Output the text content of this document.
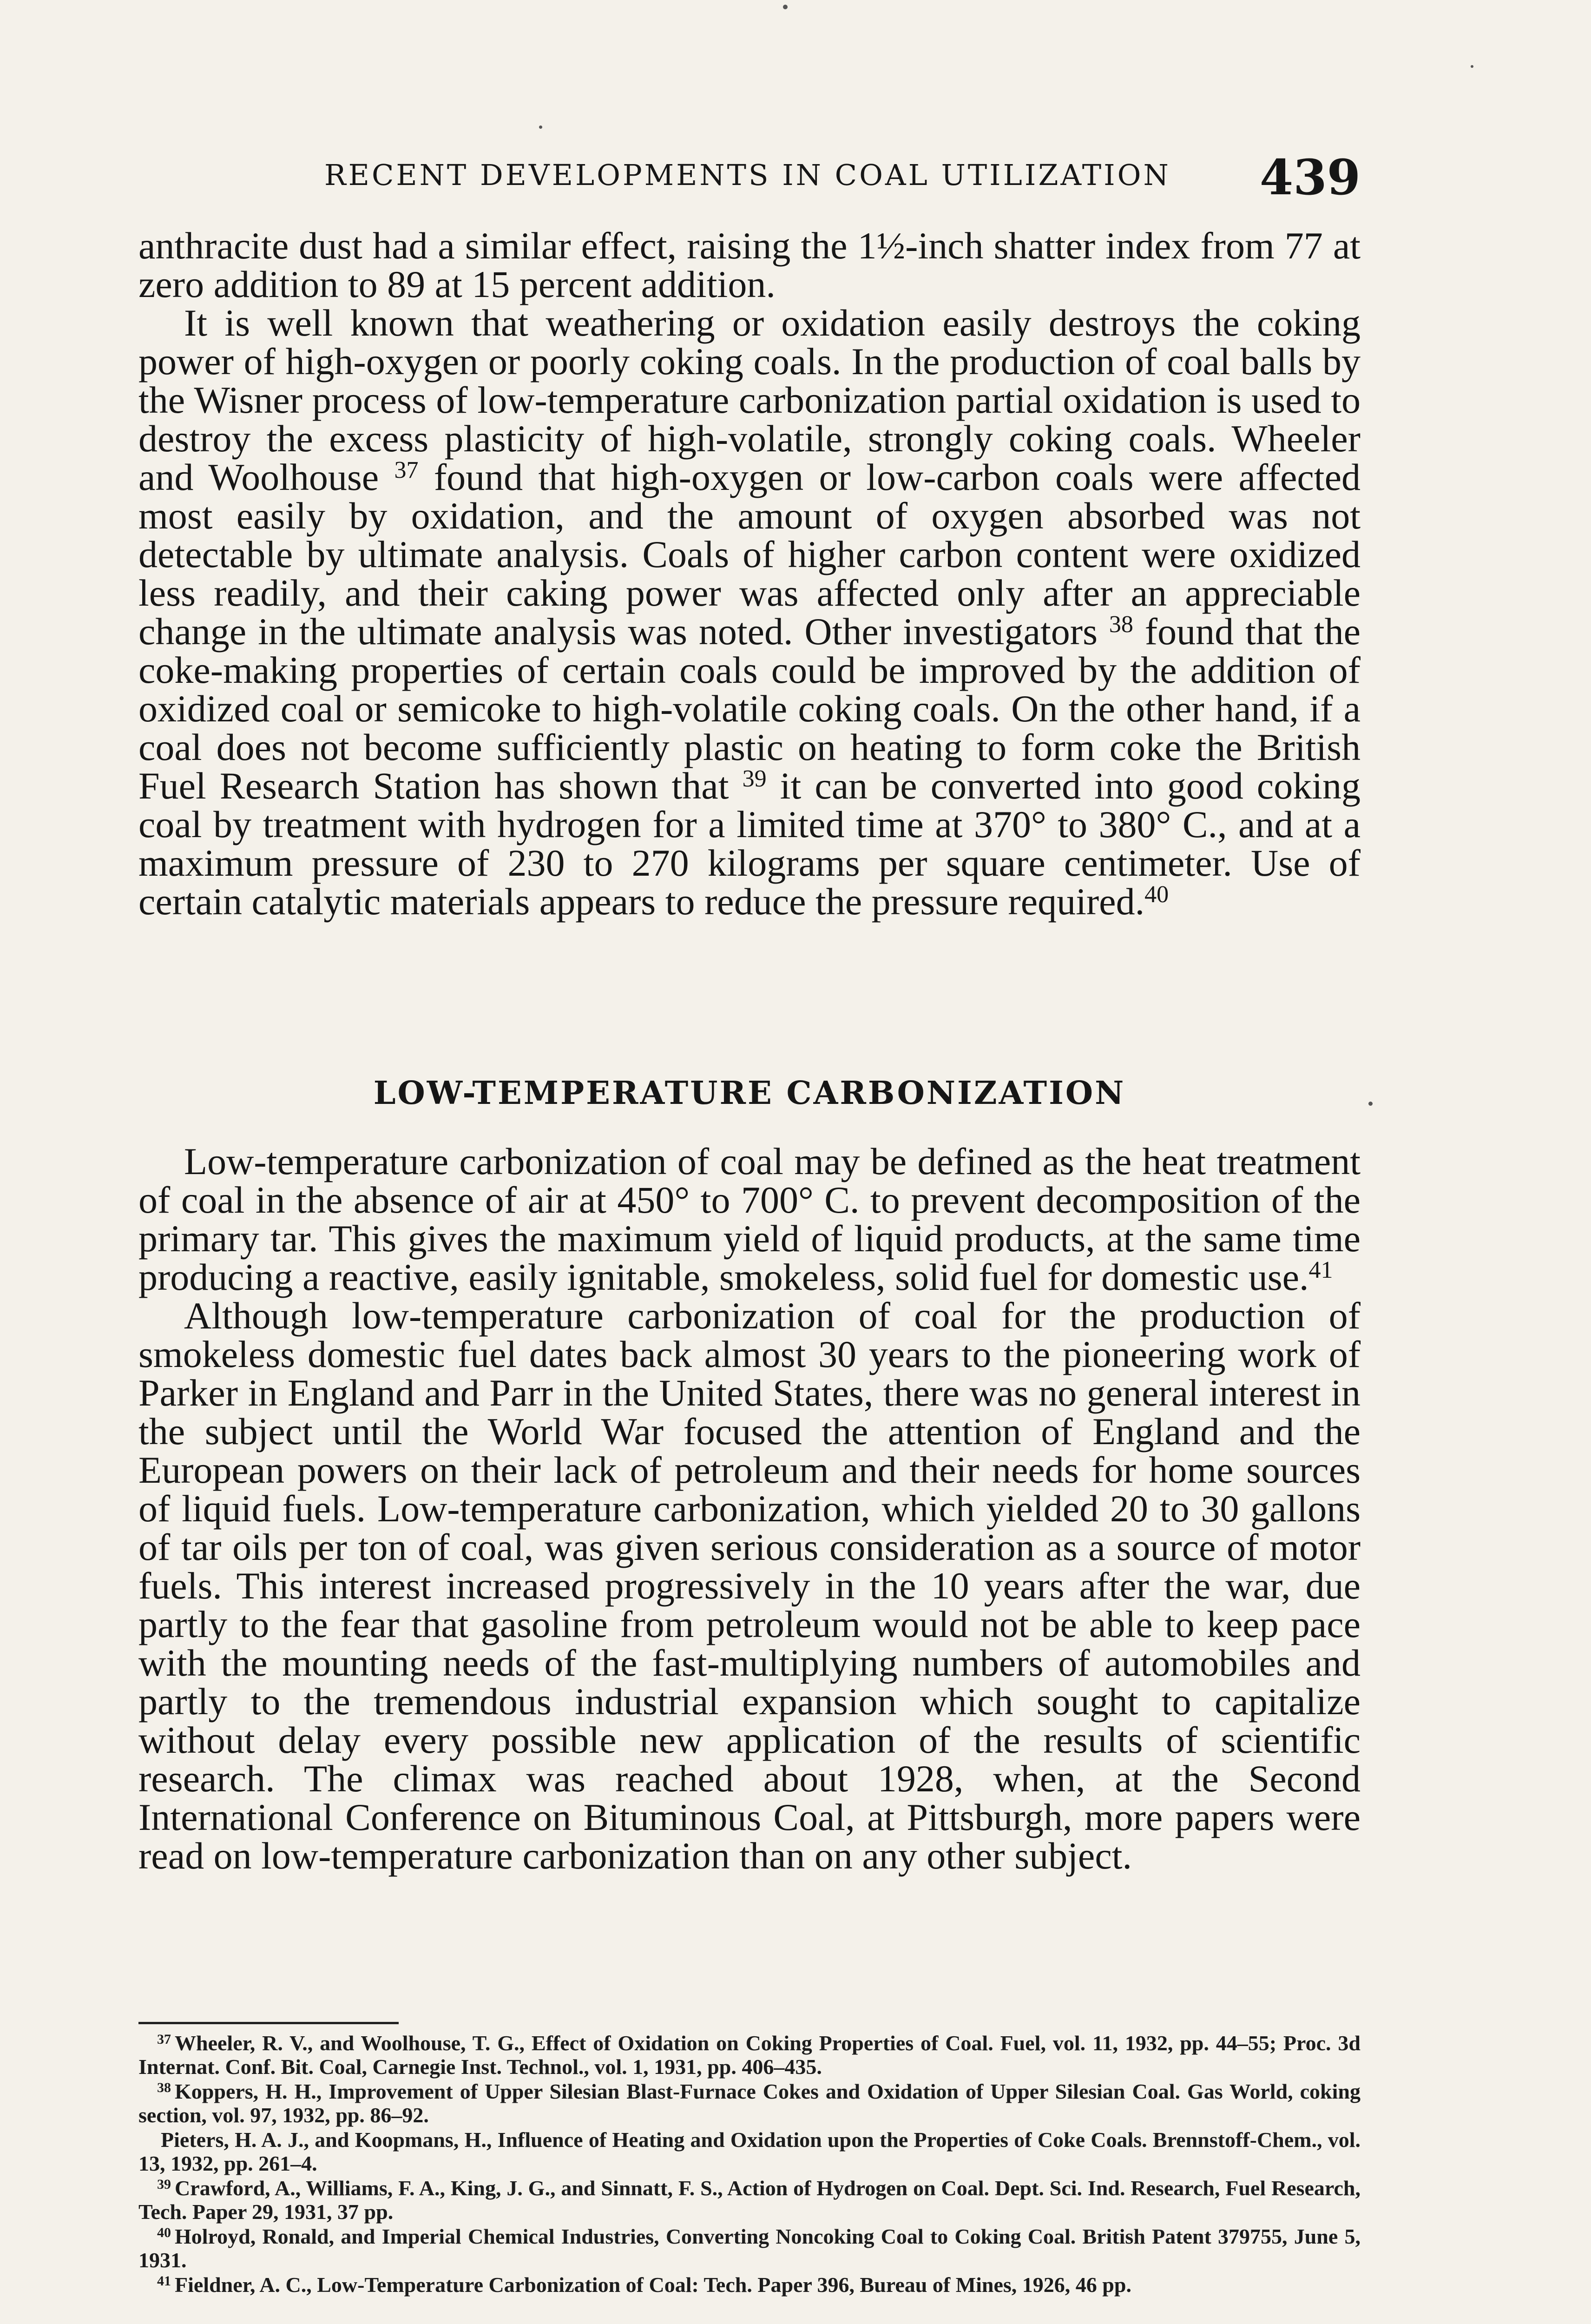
RECENT DEVELOPMENTS IN COAL UTILIZATION 439

anthracite dust had a similar effect, raising the 1½-inch shatter index from 77 at zero addition to 89 at 15 percent addition.

It is well known that weathering or oxidation easily destroys the coking power of high-oxygen or poorly coking coals. In the production of coal balls by the Wisner process of low-temperature carbonization partial oxidation is used to destroy the excess plasticity of high-volatile, strongly coking coals. Wheeler and Woolhouse $^{37}$ found that high-oxygen or low-carbon coals were affected most easily by oxidation, and the amount of oxygen absorbed was not detectable by ultimate analysis. Coals of higher carbon content were oxidized less readily, and their caking power was affected only after an appreciable change in the ultimate analysis was noted. Other investigators $^{38}$ found that the coke-making properties of certain coals could be improved by the addition of oxidized coal or semicoke to high-volatile coking coals. On the other hand, if a coal does not become sufficiently plastic on heating to form coke the British Fuel Research Station has shown that $^{39}$ it can be converted into good coking coal by treatment with hydrogen for a limited time at 370° to 380° C., and at a maximum pressure of 230 to 270 kilograms per square centimeter. Use of certain catalytic materials appears to reduce the pressure required.$^{40}$

LOW-TEMPERATURE CARBONIZATION

Low-temperature carbonization of coal may be defined as the heat treatment of coal in the absence of air at 450° to 700° C. to prevent decomposition of the primary tar. This gives the maximum yield of liquid products, at the same time producing a reactive, easily ignitable, smokeless, solid fuel for domestic use.$^{41}$

Although low-temperature carbonization of coal for the production of smokeless domestic fuel dates back almost 30 years to the pioneering work of Parker in England and Parr in the United States, there was no general interest in the subject until the World War focused the attention of England and the European powers on their lack of petroleum and their needs for home sources of liquid fuels. Low-temperature carbonization, which yielded 20 to 30 gallons of tar oils per ton of coal, was given serious consideration as a source of motor fuels. This interest increased progressively in the 10 years after the war, due partly to the fear that gasoline from petroleum would not be able to keep pace with the mounting needs of the fast-multiplying numbers of automobiles and partly to the tremendous industrial expansion which sought to capitalize without delay every possible new application of the results of scientific research. The climax was reached about 1928, when, at the Second International Conference on Bituminous Coal, at Pittsburgh, more papers were read on low-temperature carbonization than on any other subject.

$^{37}$ Wheeler, R. V., and Woolhouse, T. G., Effect of Oxidation on Coking Properties of Coal. Fuel, vol. 11, 1932, pp. 44–55; Proc. 3d Internat. Conf. Bit. Coal, Carnegie Inst. Technol., vol. 1, 1931, pp. 406–435.

$^{38}$ Koppers, H. H., Improvement of Upper Silesian Blast-Furnace Cokes and Oxidation of Upper Silesian Coal. Gas World, coking section, vol. 97, 1932, pp. 86–92.

Pieters, H. A. J., and Koopmans, H., Influence of Heating and Oxidation upon the Properties of Coke Coals. Brennstoff-Chem., vol. 13, 1932, pp. 261–4.

$^{39}$ Crawford, A., Williams, F. A., King, J. G., and Sinnatt, F. S., Action of Hydrogen on Coal. Dept. Sci. Ind. Research, Fuel Research, Tech. Paper 29, 1931, 37 pp.

$^{40}$ Holroyd, Ronald, and Imperial Chemical Industries, Converting Noncoking Coal to Coking Coal. British Patent 379755, June 5, 1931.

$^{41}$ Fieldner, A. C., Low-Temperature Carbonization of Coal: Tech. Paper 396, Bureau of Mines, 1926, 46 pp.
